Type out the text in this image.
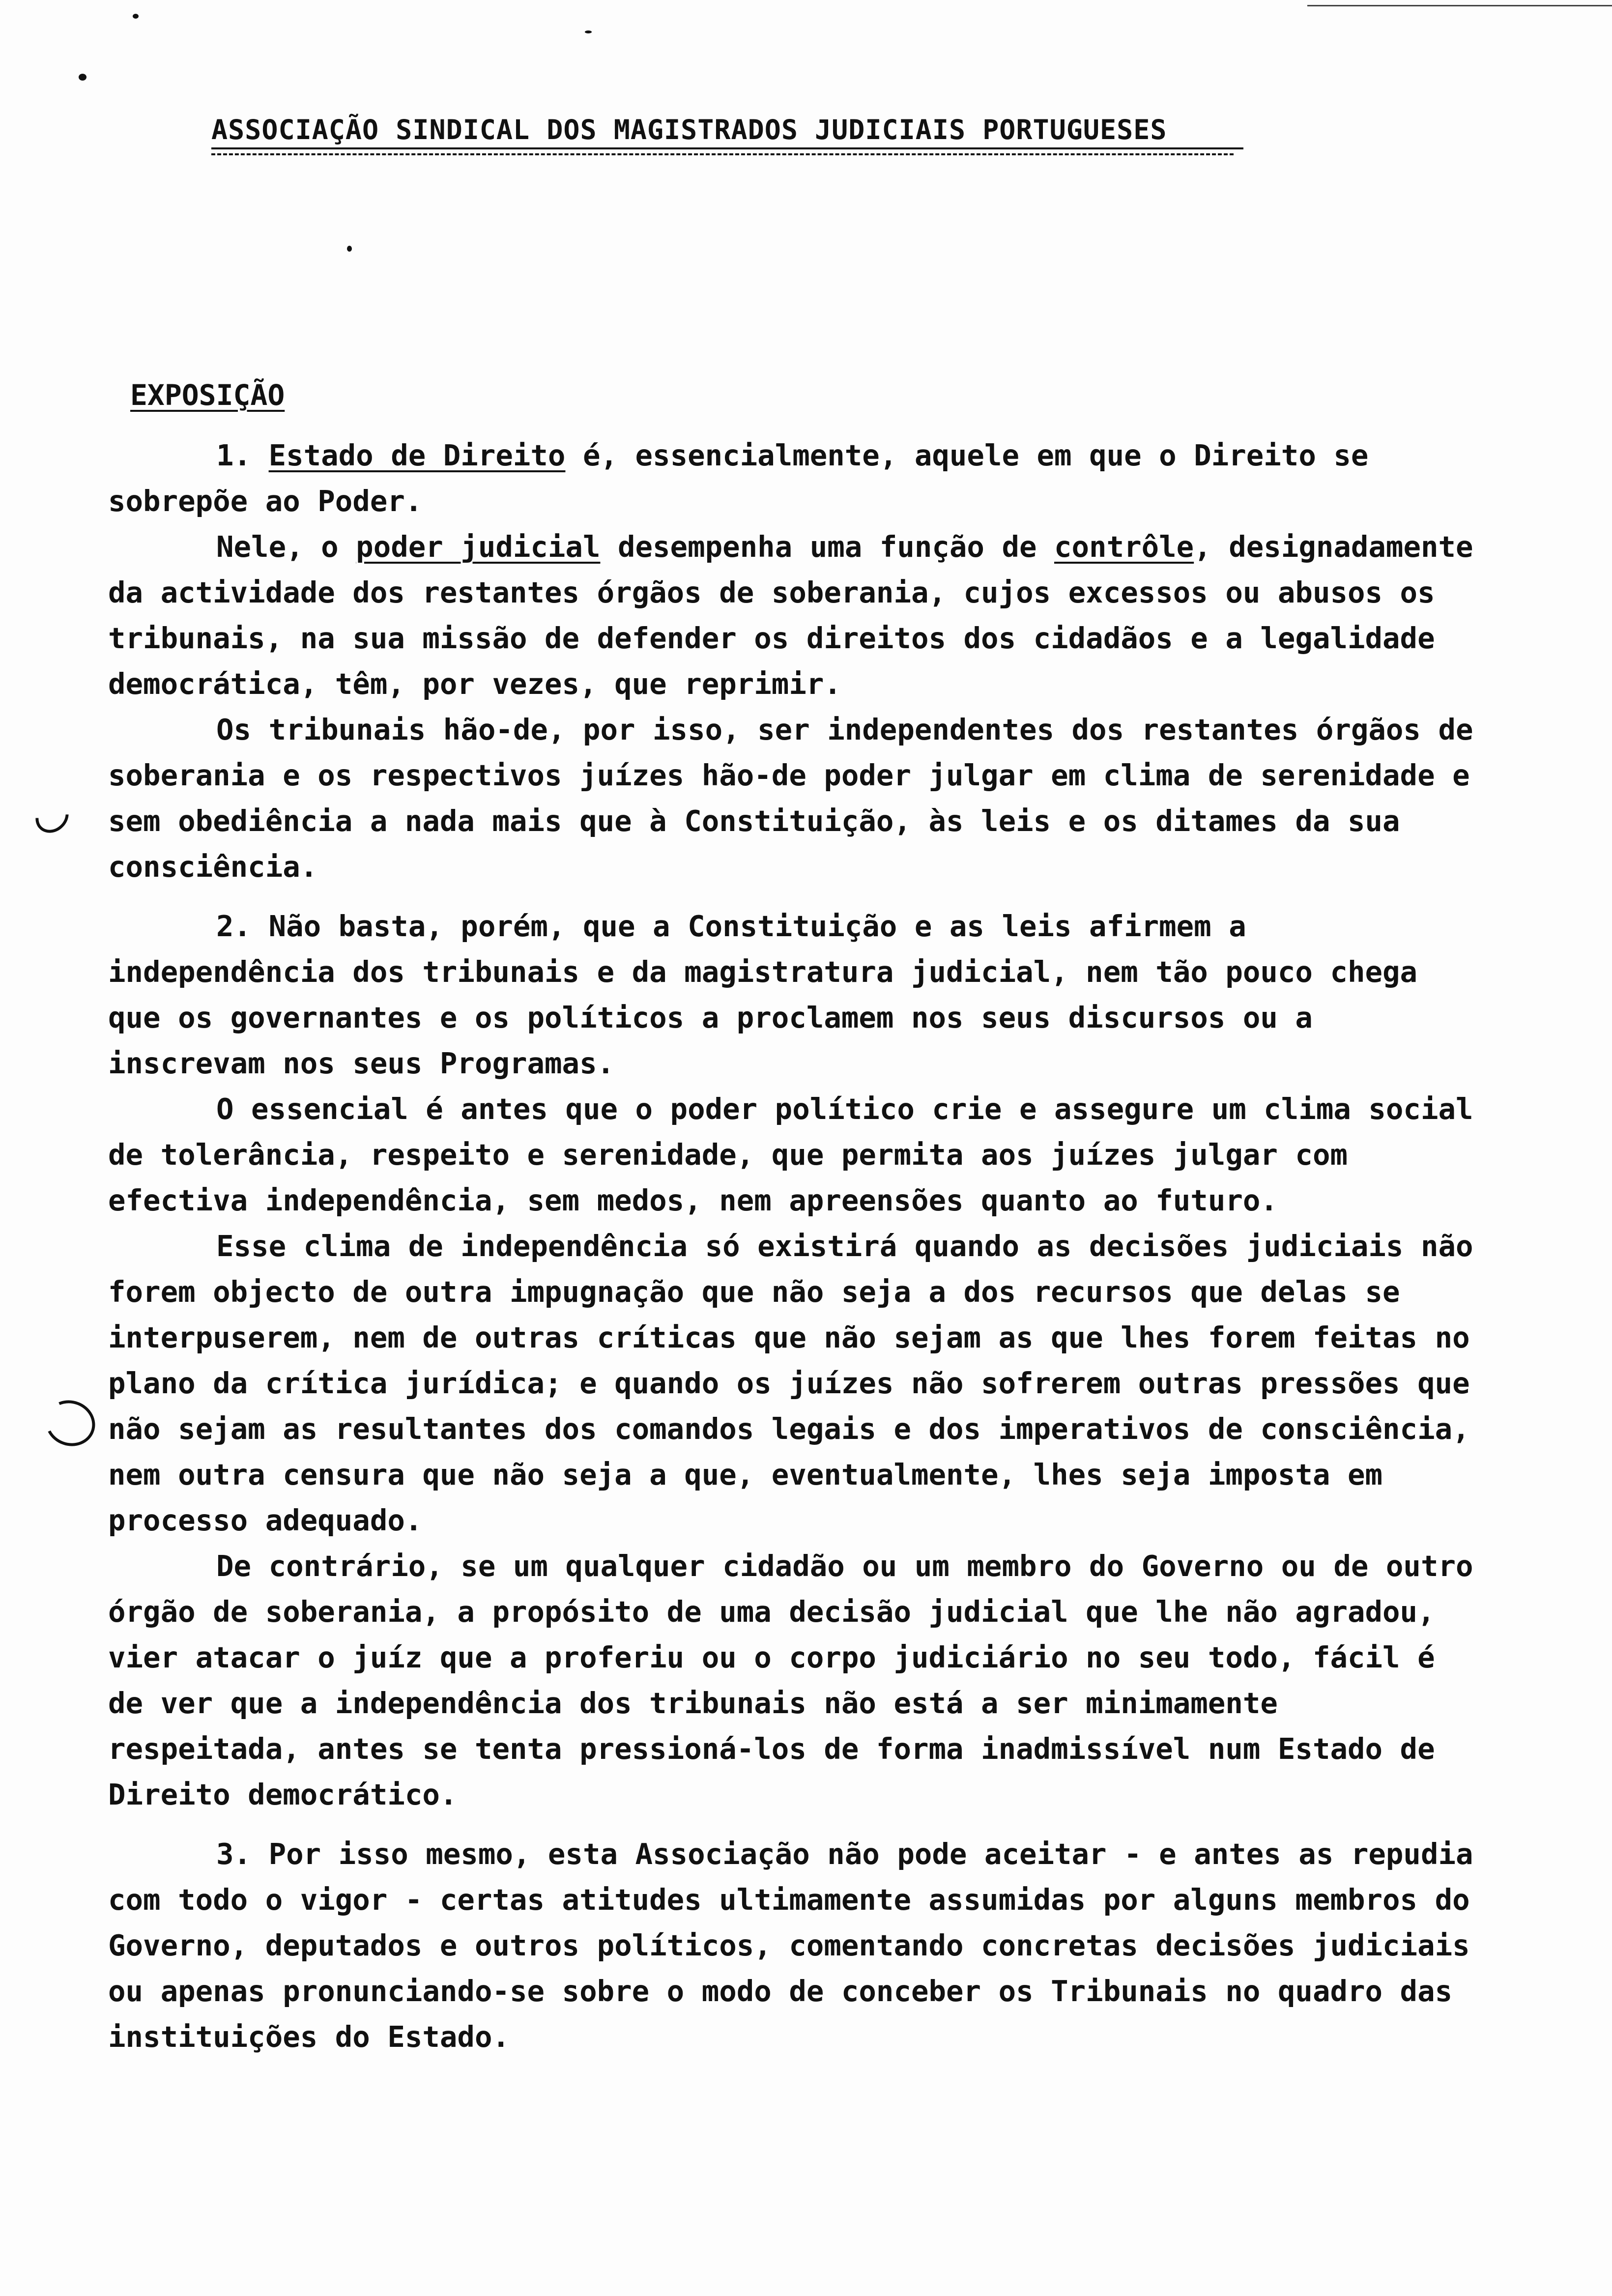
ASSOCIAÇÃO SINDICAL DOS MAGISTRADOS JUDICIAIS PORTUGUESES
EXPOSIÇÃO

1. Estado de Direito é, essencialmente, aquele em que o Direito se sobrepõe ao Poder.

Nele, o poder judicial desempenha uma função de contrôle, designadamente da actividade dos restantes órgãos de soberania, cujos excessos ou abusos os tribunais, na sua missão de defender os direitos dos cidadãos e a legalidade democrática, têm, por vezes, que reprimir.

Os tribunais hão-de, por isso, ser independentes dos restantes órgãos de soberania e os respectivos juízes hão-de poder julgar em clima de serenidade e sem obediência a nada mais que à Constituição, às leis e os ditames da sua consciência.

2. Não basta, porém, que a Constituição e as leis afirmem a independência dos tribunais e da magistratura judicial, nem tão pouco chega que os governantes e os políticos a proclamem nos seus discursos ou a inscrevam nos seus Programas.

O essencial é antes que o poder político crie e assegure um clima social de tolerância, respeito e serenidade, que permita aos juízes julgar com efectiva independência, sem medos, nem apreensões quanto ao futuro.

Esse clima de independência só existirá quando as decisões judiciais não forem objecto de outra impugnação que não seja a dos recursos que delas se interpuserem, nem de outras críticas que não sejam as que lhes forem feitas no plano da crítica jurídica; e quando os juízes não sofrerem outras pressões que não sejam as resultantes dos comandos legais e dos imperativos de consciência, nem outra censura que não seja a que, eventualmente, lhes seja imposta em processo adequado.

De contrário, se um qualquer cidadão ou um membro do Governo ou de outro órgão de soberania, a propósito de uma decisão judicial que lhe não agradou, vier atacar o juíz que a proferiu ou o corpo judiciário no seu todo, fácil é de ver que a independência dos tribunais não está a ser minimamente respeitada, antes se tenta pressioná-los de forma inadmissível num Estado de Direito democrático.

3. Por isso mesmo, esta Associação não pode aceitar - e antes as repudia com todo o vigor - certas atitudes ultimamente assumidas por alguns membros do Governo, deputados e outros políticos, comentando concretas decisões judiciais ou apenas pronunciando-se sobre o modo de conceber os Tribunais no quadro das instituições do Estado.
